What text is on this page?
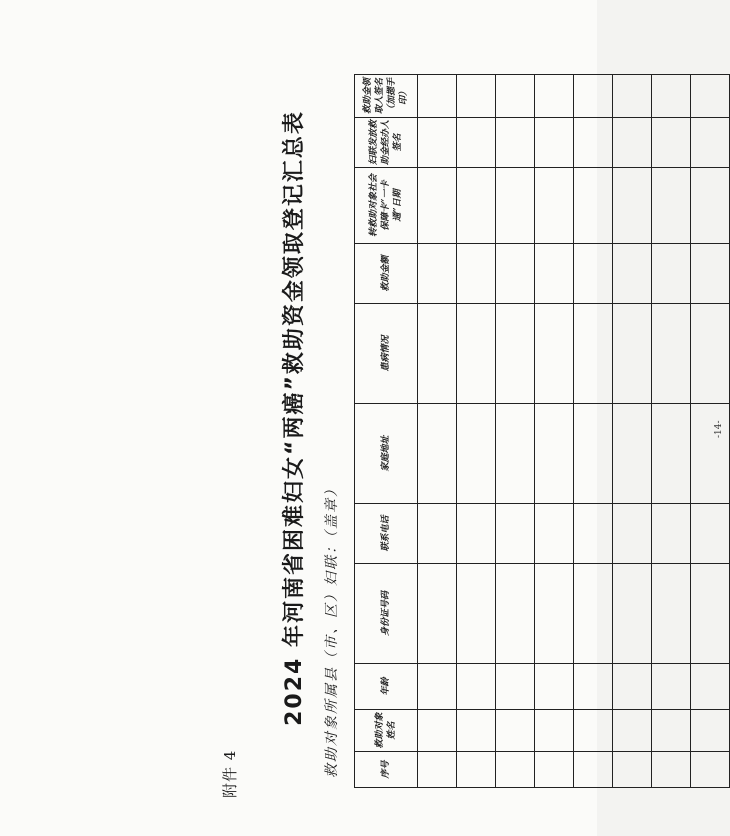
附件 4
2024 年河南省困难妇女“两癌”救助资金领取登记汇总表 救助对象所属县（市、区）妇联：（盖章）	序号	救助对象姓名	年龄	身份证号码	联系电话	家庭地址	患病情况	救助金额	转救助对象社会保障卡“一卡通”日期	妇联发放救助金经办人签名	救助金领取人签名（加摁手印）

-14-
